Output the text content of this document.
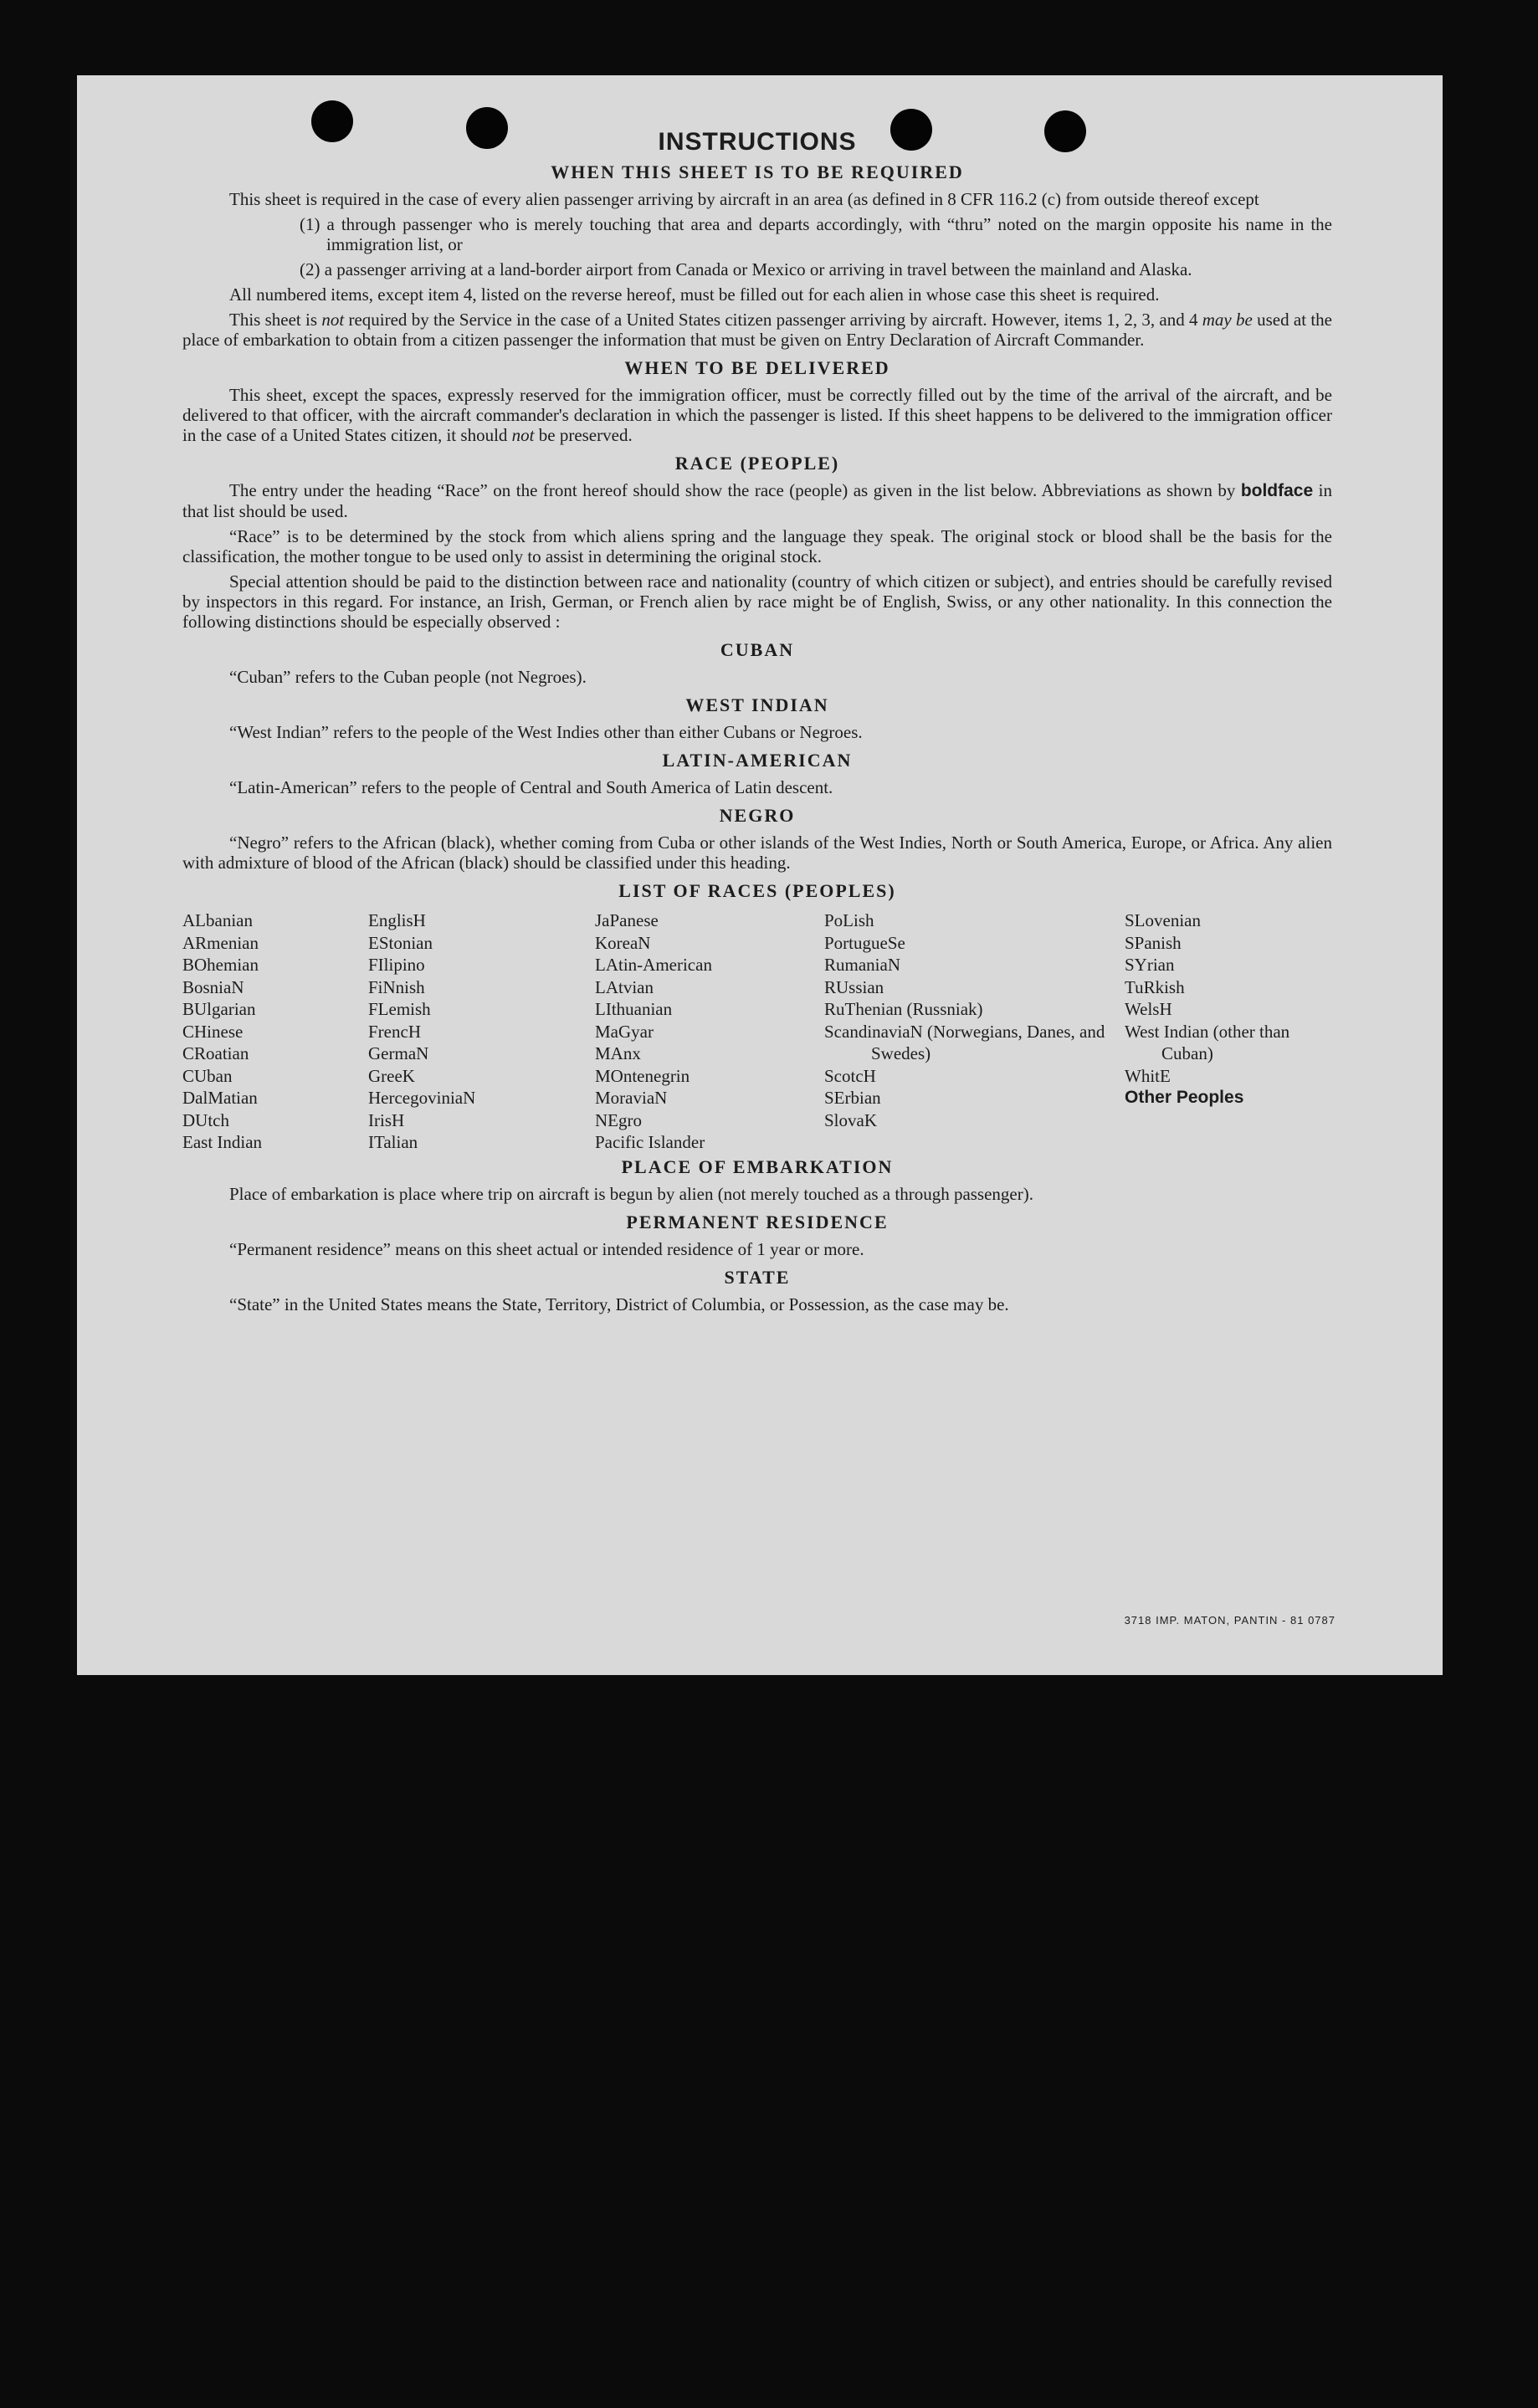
INSTRUCTIONS
WHEN THIS SHEET IS TO BE REQUIRED

This sheet is required in the case of every alien passenger arriving by aircraft in an area (as defined in 8 CFR 116.2 (c) from outside thereof except

(1) a through passenger who is merely touching that area and departs accordingly, with “thru” noted on the margin opposite his name in the immigration list, or

(2) a passenger arriving at a land-border airport from Canada or Mexico or arriving in travel between the mainland and Alaska.

All numbered items, except item 4, listed on the reverse hereof, must be filled out for each alien in whose case this sheet is required.

This sheet is not required by the Service in the case of a United States citizen passenger arriving by aircraft. However, items 1, 2, 3, and 4 may be used at the place of embarkation to obtain from a citizen passenger the information that must be given on Entry Declaration of Aircraft Commander.

WHEN TO BE DELIVERED

This sheet, except the spaces, expressly reserved for the immigration officer, must be correctly filled out by the time of the arrival of the aircraft, and be delivered to that officer, with the aircraft commander's declaration in which the passenger is listed. If this sheet happens to be delivered to the immigration officer in the case of a United States citizen, it should not be preserved.

RACE (PEOPLE)

The entry under the heading “Race” on the front hereof should show the race (people) as given in the list below. Abbreviations as shown by boldface in that list should be used.

“Race” is to be determined by the stock from which aliens spring and the language they speak. The original stock or blood shall be the basis for the classification, the mother tongue to be used only to assist in determining the original stock.

Special attention should be paid to the distinction between race and nationality (country of which citizen or subject), and entries should be carefully revised by inspectors in this regard. For instance, an Irish, German, or French alien by race might be of English, Swiss, or any other nationality. In this connection the following distinctions should be especially observed :

CUBAN

“Cuban” refers to the Cuban people (not Negroes).

WEST INDIAN

“West Indian” refers to the people of the West Indies other than either Cubans or Negroes.

LATIN-AMERICAN

“Latin-American” refers to the people of Central and South America of Latin descent.

NEGRO

“Negro” refers to the African (black), whether coming from Cuba or other islands of the West Indies, North or South America, Europe, or Africa. Any alien with admixture of blood of the African (black) should be classified under this heading.

LIST OF RACES (PEOPLES)
ALbanian
ARmenian
BOhemian
BosniaN
BUlgarian
CHinese
CRoatian
CUban
DalMatian
DUtch
East Indian
EnglisH
EStonian
FIlipino
FiNnish
FLemish
FrencH
GermaN
GreeK
HercegoviniaN
IrisH
ITalian
JaPanese
KoreaN
LAtin-American
LAtvian
LIthuanian
MaGyar
MAnx
MOntenegrin
MoraviaN
NEgro
Pacific Islander
PoLish
PortugueSe
RumaniaN
RUssian
RuThenian (Russniak)
ScandinaviaN (Norwegians, Danes, and Swedes)
ScotcH
SErbian
SlovaK
SLovenian
SPanish
SYrian
TuRkish
WelsH
West Indian (other than Cuban)
WhitE
Other Peoples
PLACE OF EMBARKATION

Place of embarkation is place where trip on aircraft is begun by alien (not merely touched as a through passenger).

PERMANENT RESIDENCE

“Permanent residence” means on this sheet actual or intended residence of 1 year or more.

STATE

“State” in the United States means the State, Territory, District of Columbia, or Possession, as the case may be.

3718 IMP. MATON, PANTIN - 81 0787
